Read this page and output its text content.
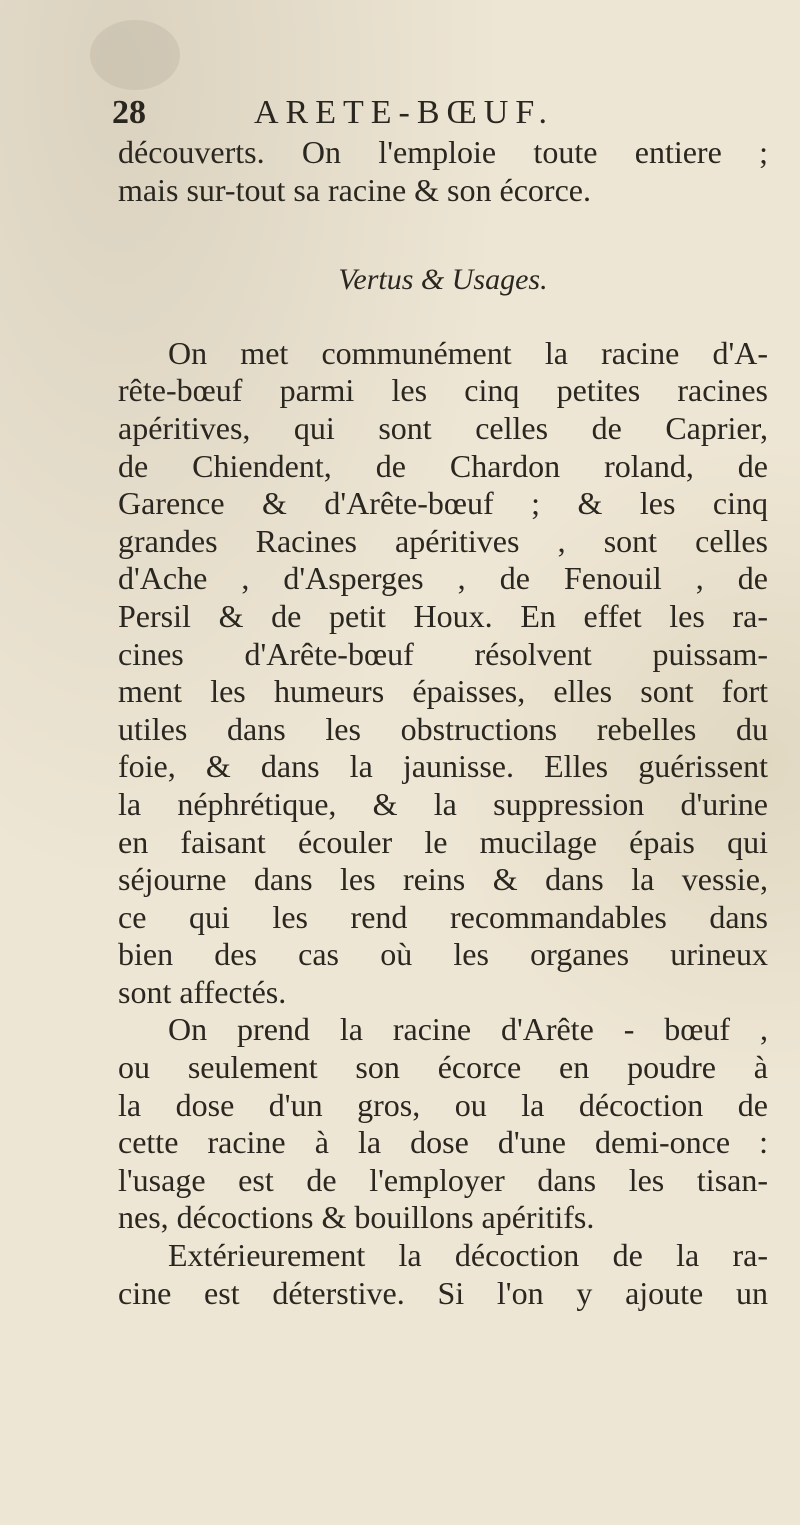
28	ARETE-BŒUF.
découverts. On l'emploie toute entiere ;
mais sur-tout sa racine & son écorce.
Vertus & Usages.
On met communément la racine d'A-
rête-bœuf parmi les cinq petites racines
apéritives, qui sont celles de Caprier,
de Chiendent, de Chardon roland, de
Garence & d'Arête-bœuf ; & les cinq
grandes Racines apéritives , sont celles
d'Ache , d'Asperges , de Fenouil , de
Persil & de petit Houx. En effet les ra-
cines d'Arête-bœuf résolvent puissam-
ment les humeurs épaisses, elles sont fort
utiles dans les obstructions rebelles du
foie, & dans la jaunisse. Elles guérissent
la néphrétique, & la suppression d'urine
en faisant écouler le mucilage épais qui
séjourne dans les reins & dans la vessie,
ce qui les rend recommandables dans
bien des cas où les organes urineux
sont affectés.
On prend la racine d'Arête - bœuf ,
ou seulement son écorce en poudre à
la dose d'un gros, ou la décoction de
cette racine à la dose d'une demi-once :
l'usage est de l'employer dans les tisan-
nes, décoctions & bouillons apéritifs.
Extérieurement la décoction de la ra-
cine est déterstive. Si l'on y ajoute un
